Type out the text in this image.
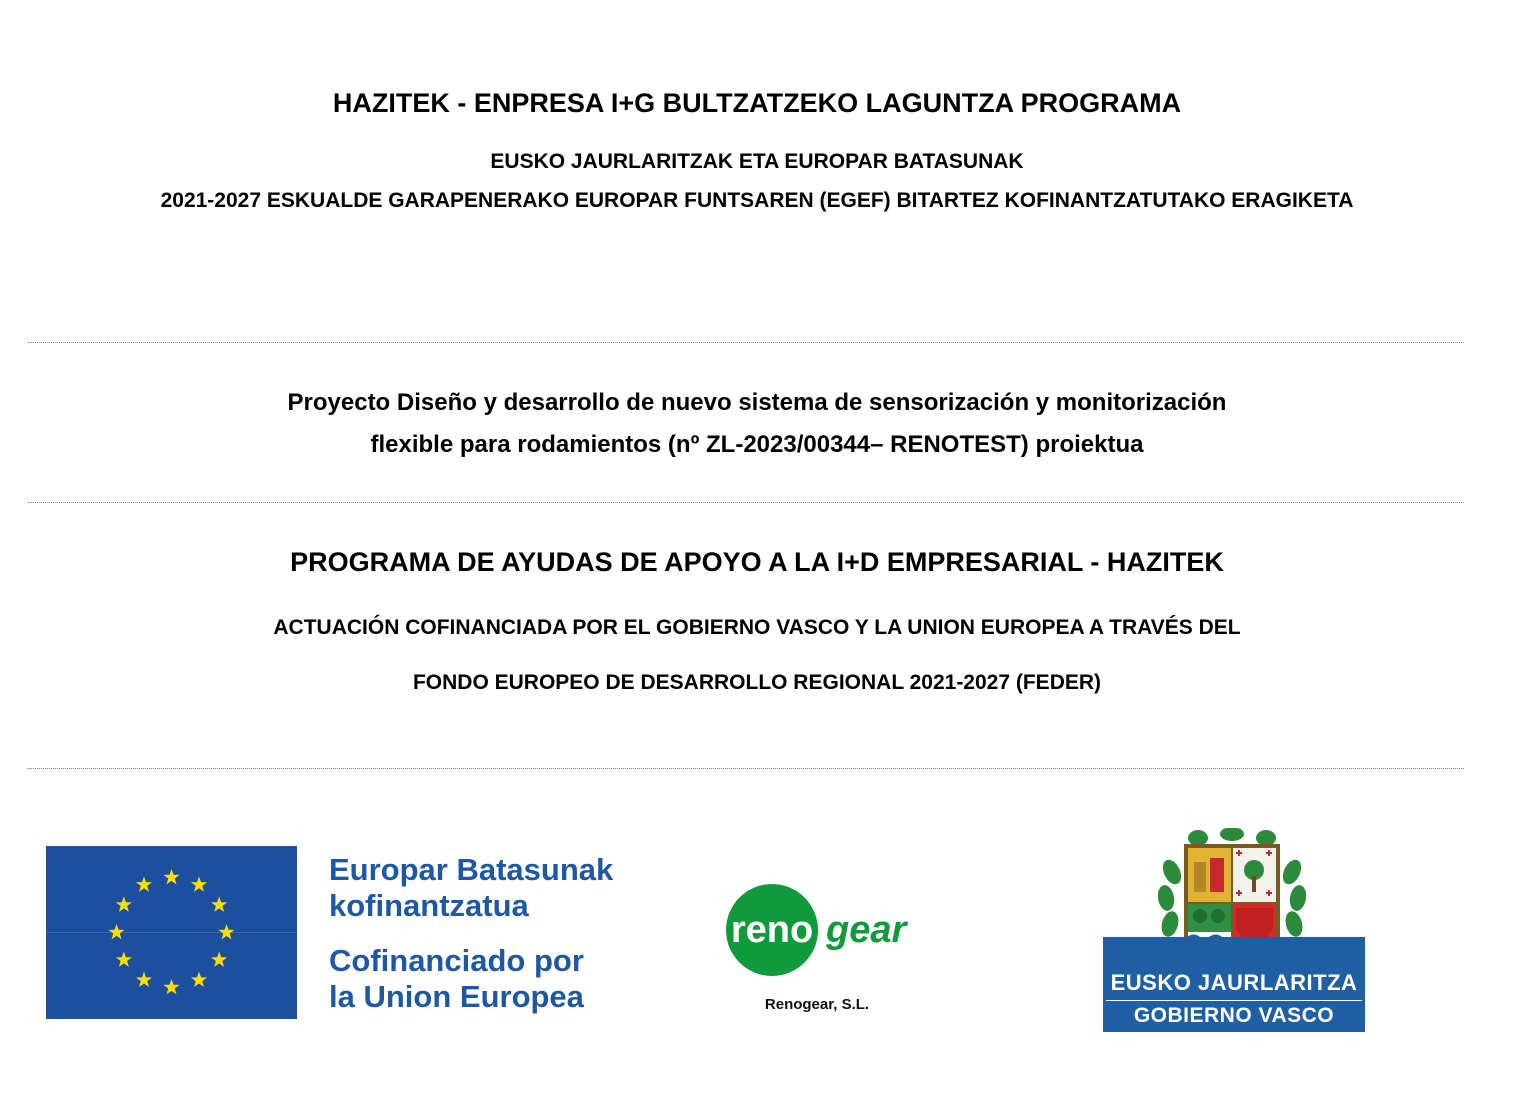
HAZITEK - ENPRESA I+G BULTZATZEKO LAGUNTZA PROGRAMA
EUSKO JAURLARITZAK ETA EUROPAR BATASUNAK
2021-2027 ESKUALDE GARAPENERAKO EUROPAR FUNTSAREN (EGEF) BITARTEZ KOFINANTZATUTAKO ERAGIKETA
Proyecto Diseño y desarrollo de nuevo sistema de sensorización y monitorización
flexible para rodamientos (nº ZL-2023/00344– RENOTEST) proiektua
PROGRAMA DE AYUDAS DE APOYO A LA I+D EMPRESARIAL - HAZITEK
ACTUACIÓN COFINANCIADA POR EL GOBIERNO VASCO Y LA UNION EUROPEA A TRAVÉS DEL
FONDO EUROPEO DE DESARROLLO REGIONAL 2021-2027 (FEDER)
Europar Batasunak
kofinantzatua
Cofinanciado por
la Union Europea
reno gear
Renogear, S.L.
EUSKO JAURLARITZA
GOBIERNO VASCO
